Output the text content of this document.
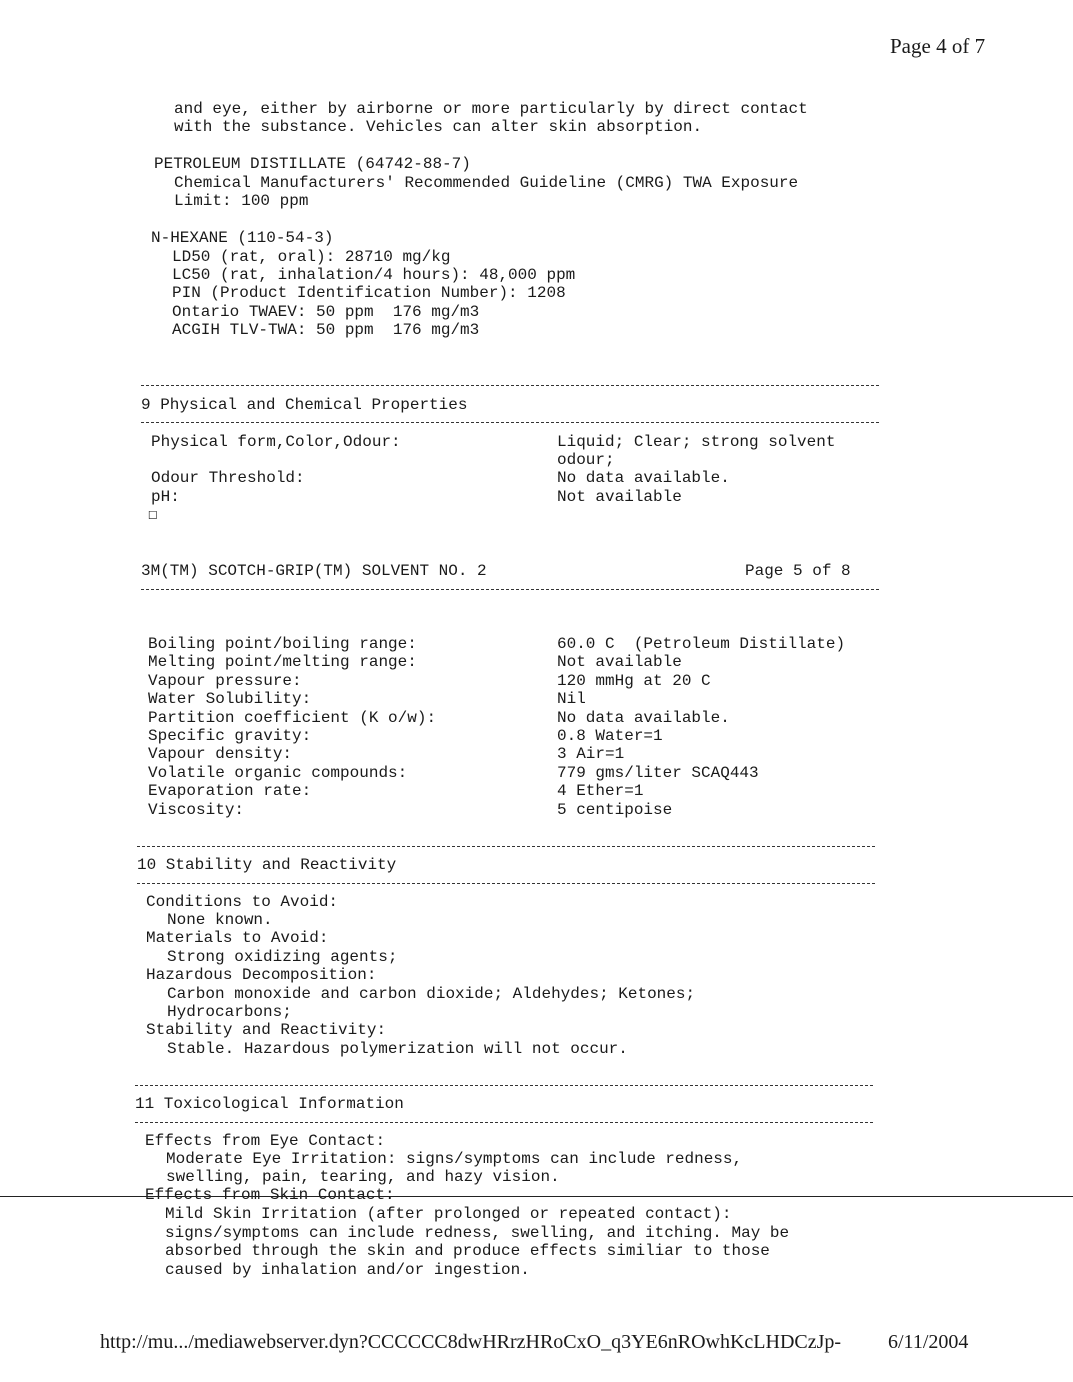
Page 4 of 7
and eye, either by airborne or more particularly by direct contact
with the substance. Vehicles can alter skin absorption.
PETROLEUM DISTILLATE (64742-88-7)
Chemical Manufacturers' Recommended Guideline (CMRG) TWA Exposure
Limit: 100 ppm
N-HEXANE (110-54-3)
LD50 (rat, oral): 28710 mg/kg
LC50 (rat, inhalation/4 hours): 48,000 ppm
PIN (Product Identification Number): 1208
Ontario TWAEV: 50 ppm  176 mg/m3
ACGIH TLV-TWA: 50 ppm  176 mg/m3
9 Physical and Chemical Properties
Physical form,Color,Odour:	Liquid; Clear; strong solvent
odour;
Odour Threshold:	No data available.
pH:	Not available
☐
3M(TM) SCOTCH-GRIP(TM) SOLVENT NO. 2	Page 5 of 8
Boiling point/boiling range:	60.0 C  (Petroleum Distillate)
Melting point/melting range:	Not available
Vapour pressure:	120 mmHg at 20 C
Water Solubility:	Nil
Partition coefficient (K o/w):	No data available.
Specific gravity:	0.8 Water=1
Vapour density:	3 Air=1
Volatile organic compounds:	779 gms/liter SCAQ443
Evaporation rate:	4 Ether=1
Viscosity:	5 centipoise
10 Stability and Reactivity
Conditions to Avoid:
None known.
Materials to Avoid:
Strong oxidizing agents;
Hazardous Decomposition:
Carbon monoxide and carbon dioxide; Aldehydes; Ketones;
Hydrocarbons;
Stability and Reactivity:
Stable. Hazardous polymerization will not occur.
11 Toxicological Information
Effects from Eye Contact:
Moderate Eye Irritation: signs/symptoms can include redness,
swelling, pain, tearing, and hazy vision.
Effects from Skin Contact:
Mild Skin Irritation (after prolonged or repeated contact):
signs/symptoms can include redness, swelling, and itching. May be
absorbed through the skin and produce effects similiar to those
caused by inhalation and/or ingestion.
http://mu.../mediawebserver.dyn?CCCCCC8dwHRrzHRoCxO_q3YE6nROwhKcLHDCzJp- 6/11/2004
